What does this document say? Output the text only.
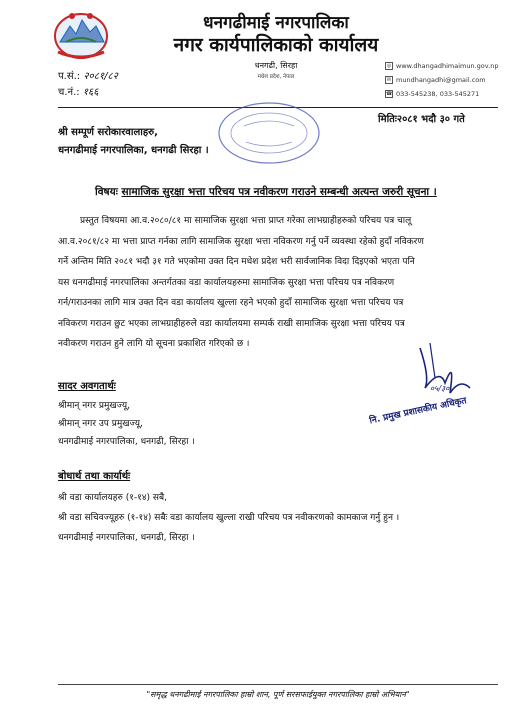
धनगढीमाई नगरपालिका
नगर कार्यपालिकाको कार्यालय
धनगढी, सिरहा
मधेश प्रदेश, नेपाल
प.सं.: २०८१/८२
च.नं.: १६६
◎ www.dhangadhimaimun.gov.np
✉ mundhangadhi@gmail.com
☎ 033-545238, 033-545271
मितिः२०८१ भदौ ३० गते
श्री सम्पूर्ण सरोकारवालाहरु,
धनगढीमाई नगरपालिका, धनगढी सिरहा ।
विषयः सामाजिक सुरक्षा भत्ता परिचय पत्र नवीकरण गराउने सम्बन्धी अत्यन्त जरुरी सूचना ।
प्रस्तुत विषयमा आ.व.२०८०/८१ मा सामाजिक सुरक्षा भत्ता प्राप्त गरेका लाभग्राहीहरुको परिचय पत्र चालू
आ.व.२०८१/८२ मा भत्ता प्राप्त गर्नका लागि सामाजिक सुरक्षा भत्ता नविकरण गर्नु पर्ने व्यवस्था रहेको हुदाँ नविकरण
गर्ने अन्तिम मिति २०८१ भदौ ३१ गते भएकोमा उक्त दिन मधेश प्रदेश भरी सार्वजानिक विदा दिइएको भएता पनि
यस धनगढीमाई नगरपालिका अन्तर्गतका वडा कार्यालयहरुमा सामाजिक सुरक्षा भत्ता परिचय पत्र नविकरण
गर्न/गराउनका लागि मात्र उक्त दिन वडा कार्यालय खुल्ला रहने भएको हुदाँ सामाजिक सुरक्षा भत्ता परिचय पत्र
नविकरण गराउन छुट भएका लाभग्राहीहरुले वडा कार्यालयमा सम्पर्क राखी सामाजिक सुरक्षा भत्ता परिचय पत्र
नवीकरण गराउन हुने लागि यो सूचना प्रकाशित गरिएको छ ।
०५/३०
नि. प्रमुख प्रशासकीय अधिकृत
सादर अवगतार्थः
श्रीमान् नगर प्रमुखज्यू,
श्रीमान् नगर उप प्रमुखज्यू,
धनगढीमाई नगरपालिका, धनगढी, सिरहा ।
बोधार्थ तथा कार्यार्थः
श्री वडा कार्यालयहरु (१-१४) सबै,
श्री वडा सचिवज्यूहरु (१-१४) सबैः वडा कार्यालय खुल्ला राखी परिचय पत्र नवीकरणको कामकाज गर्नु हुन ।
धनगढीमाई नगरपालिका, धनगढी, सिरहा ।
"समृद्ध धनगढीमाई नगरपालिका हाम्रो शान, पूर्ण सरसफाईयुक्त नगरपालिका हाम्रो अभियान"
